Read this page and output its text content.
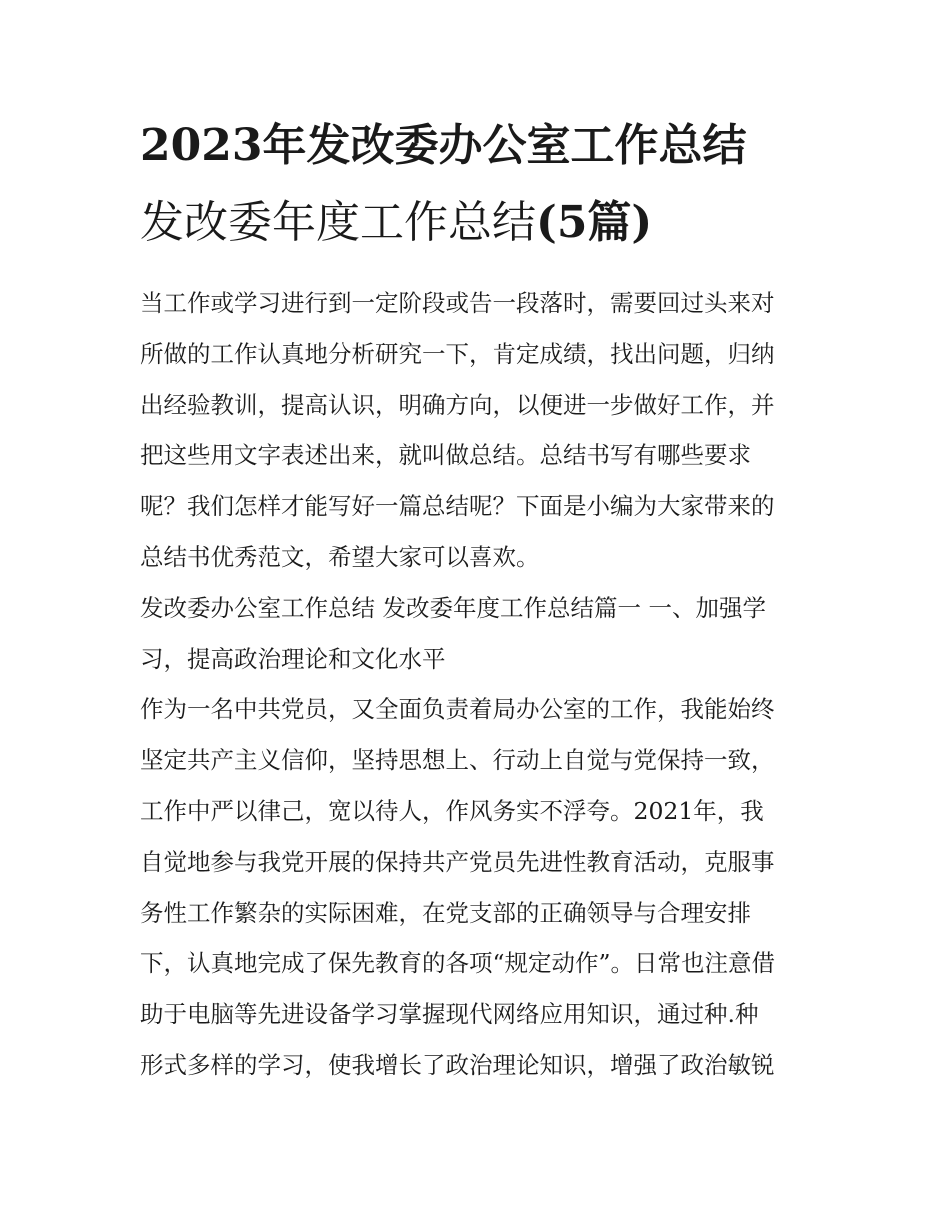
2023年发改委办公室工作总结
发改委年度工作总结(5篇)

当工作或学习进行到一定阶段或告一段落时，需要回过头来对

所做的工作认真地分析研究一下，肯定成绩，找出问题，归纳

出经验教训，提高认识，明确方向，以便进一步做好工作，并

把这些用文字表述出来，就叫做总结。总结书写有哪些要求

呢？我们怎样才能写好一篇总结呢？下面是小编为大家带来的

总结书优秀范文，希望大家可以喜欢。

发改委办公室工作总结 发改委年度工作总结篇一 一、加强学

习，提高政治理论和文化水平

作为一名中共党员，又全面负责着局办公室的工作，我能始终

坚定共产主义信仰，坚持思想上、行动上自觉与党保持一致，

工作中严以律己，宽以待人，作风务实不浮夸。2021年，我

自觉地参与我党开展的保持共产党员先进性教育活动，克服事

务性工作繁杂的实际困难，在党支部的正确领导与合理安排

下，认真地完成了保先教育的各项“规定动作”。日常也注意借

助于电脑等先进设备学习掌握现代网络应用知识，通过种.种

形式多样的学习，使我增长了政治理论知识，增强了政治敏锐
